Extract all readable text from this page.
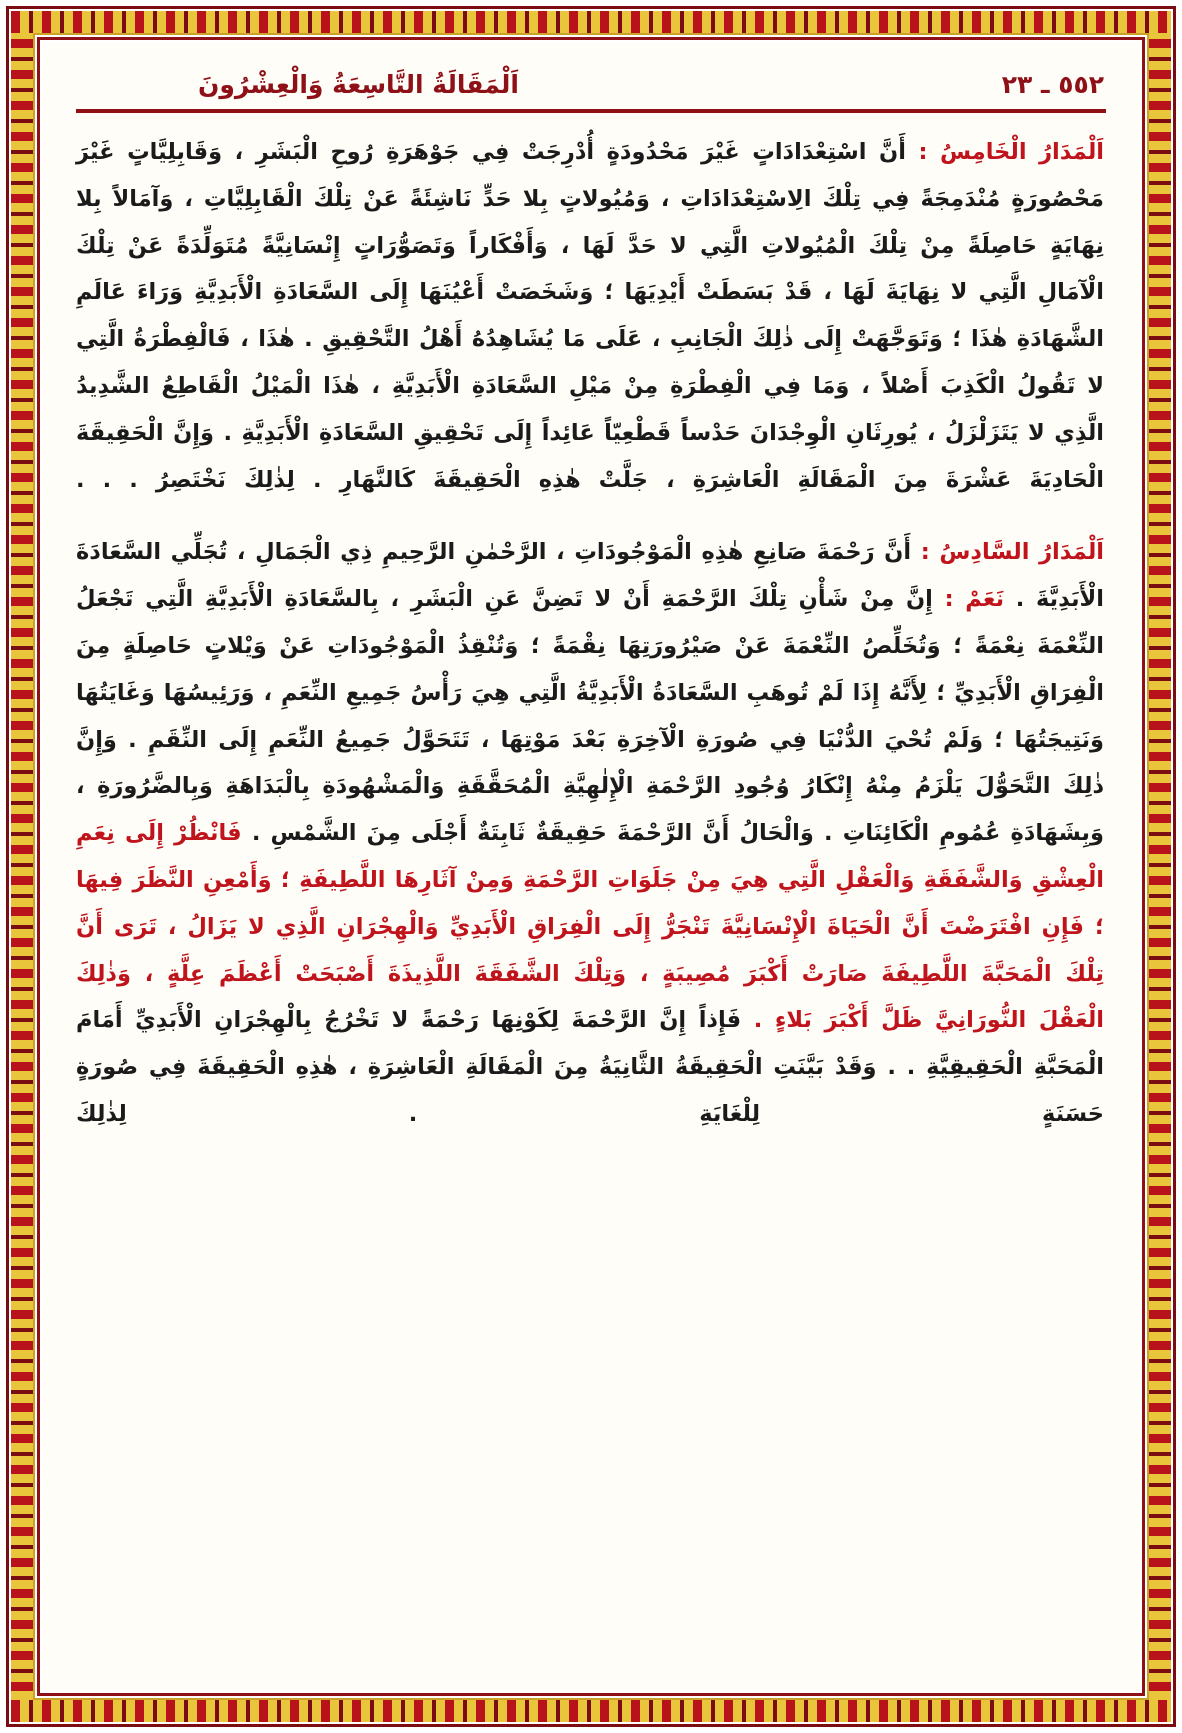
٥٥٢ ـ ٢٣
اَلْمَقَالَةُ التَّاسِعَةُ وَالْعِشْرُونَ

اَلْمَدَارُ الْخَامِسُ : أَنَّ اسْتِعْدَادَاتٍ غَيْرَ مَحْدُودَةٍ أُدْرِجَتْ فِي جَوْهَرَةِ رُوحِ الْبَشَرِ ، وَقَابِلِيَّاتٍ غَيْرَ مَحْصُورَةٍ مُنْدَمِجَةً فِي تِلْكَ الِاسْتِعْدَادَاتِ ، وَمُيُولاتٍ بِلا حَدٍّ نَاشِئَةً عَنْ تِلْكَ الْقَابِلِيَّاتِ ، وَآمَالاً بِلا نِهَايَةٍ حَاصِلَةً مِنْ تِلْكَ الْمُيُولاتِ الَّتِي لا حَدَّ لَهَا ، وَأَفْكَاراً وَتَصَوُّرَاتٍ إِنْسَانِيَّةً مُتَوَلِّدَةً عَنْ تِلْكَ الْآمَالِ الَّتِي لا نِهَايَةَ لَهَا ، قَدْ بَسَطَتْ أَيْدِيَهَا ؛ وَشَخَصَتْ أَعْيُنَهَا إِلَى السَّعَادَةِ الْأَبَدِيَّةِ وَرَاءَ عَالَمِ الشَّهَادَةِ هٰذَا ؛ وَتَوَجَّهَتْ إِلَى ذٰلِكَ الْجَانِبِ ، عَلَى مَا يُشَاهِدُهُ أَهْلُ التَّحْقِيقِ . هٰذَا ، فَالْفِطْرَةُ الَّتِي لا تَقُولُ الْكَذِبَ أَصْلاً ، وَمَا فِي الْفِطْرَةِ مِنْ مَيْلِ السَّعَادَةِ الْأَبَدِيَّةِ ، هٰذَا الْمَيْلُ الْقَاطِعُ الشَّدِيدُ الَّذِي لا يَتَزَلْزَلُ ، يُورِثَانِ الْوِجْدَانَ حَدْساً قَطْعِيّاً عَائِداً إِلَى تَحْقِيقِ السَّعَادَةِ الْأَبَدِيَّةِ . وَإِنَّ الْحَقِيقَةَ الْحَادِيَةَ عَشْرَةَ مِنَ الْمَقَالَةِ الْعَاشِرَةِ ، جَلَّتْ هٰذِهِ الْحَقِيقَةَ كَالنَّهَارِ . لِذٰلِكَ نَخْتَصِرُ . . .

اَلْمَدَارُ السَّادِسُ : أَنَّ رَحْمَةَ صَانِعِ هٰذِهِ الْمَوْجُودَاتِ ، الرَّحْمٰنِ الرَّحِيمِ ذِي الْجَمَالِ ، تُجَلِّي السَّعَادَةَ الْأَبَدِيَّةَ . نَعَمْ : إِنَّ مِنْ شَأْنِ تِلْكَ الرَّحْمَةِ أَنْ لا تَضِنَّ عَنِ الْبَشَرِ ، بِالسَّعَادَةِ الْأَبَدِيَّةِ الَّتِي تَجْعَلُ النِّعْمَةَ نِعْمَةً ؛ وَتُخَلِّصُ النِّعْمَةَ عَنْ صَيْرُورَتِهَا نِقْمَةً ؛ وَتُنْقِذُ الْمَوْجُودَاتِ عَنْ وَيْلاتٍ حَاصِلَةٍ مِنَ الْفِرَاقِ الْأَبَدِيِّ ؛ لِأَنَّهُ إِذَا لَمْ تُوهَبِ السَّعَادَةُ الْأَبَدِيَّةُ الَّتِي هِيَ رَأْسُ جَمِيعِ النِّعَمِ ، وَرَئِيسُهَا وَغَايَتُهَا وَنَتِيجَتُهَا ؛ وَلَمْ تُحْيَ الدُّنْيَا فِي صُورَةِ الْآخِرَةِ بَعْدَ مَوْتِهَا ، تَتَحَوَّلُ جَمِيعُ النِّعَمِ إِلَى النِّقَمِ . وَإِنَّ ذٰلِكَ التَّحَوُّلَ يَلْزَمُ مِنْهُ إِنْكَارُ وُجُودِ الرَّحْمَةِ الْإِلٰهِيَّةِ الْمُحَقَّقَةِ وَالْمَشْهُودَةِ بِالْبَدَاهَةِ وَبِالضَّرُورَةِ ، وَبِشَهَادَةِ عُمُومِ الْكَائِنَاتِ . وَالْحَالُ أَنَّ الرَّحْمَةَ حَقِيقَةٌ ثَابِتَةٌ أَجْلَى مِنَ الشَّمْسِ . فَانْظُرْ إِلَى نِعَمِ الْعِشْقِ وَالشَّفَقَةِ وَالْعَقْلِ الَّتِي هِيَ مِنْ جَلَوَاتِ الرَّحْمَةِ وَمِنْ آثَارِهَا اللَّطِيفَةِ ؛ وَأَمْعِنِ النَّظَرَ فِيهَا ؛ فَإِنِ افْتَرَضْتَ أَنَّ الْحَيَاةَ الْإِنْسَانِيَّةَ تَنْجَرُّ إِلَى الْفِرَاقِ الْأَبَدِيِّ وَالْهِجْرَانِ الَّذِي لا يَزَالُ ، تَرَى أَنَّ تِلْكَ الْمَحَبَّةَ اللَّطِيفَةَ صَارَتْ أَكْبَرَ مُصِيبَةٍ ، وَتِلْكَ الشَّفَقَةَ اللَّذِيذَةَ أَصْبَحَتْ أَعْظَمَ عِلَّةٍ ، وَذٰلِكَ الْعَقْلَ النُّورَانِيَّ ظَلَّ أَكْبَرَ بَلاءٍ . فَإِذاً إِنَّ الرَّحْمَةَ لِكَوْنِهَا رَحْمَةً لا تَخْرُجُ بِالْهِجْرَانِ الْأَبَدِيِّ أَمَامَ الْمَحَبَّةِ الْحَقِيقِيَّةِ . . وَقَدْ بَيَّنَتِ الْحَقِيقَةُ الثَّانِيَةُ مِنَ الْمَقَالَةِ الْعَاشِرَةِ ، هٰذِهِ الْحَقِيقَةَ فِي صُورَةٍ حَسَنَةٍ لِلْغَايَةِ . لِذٰلِكَ
